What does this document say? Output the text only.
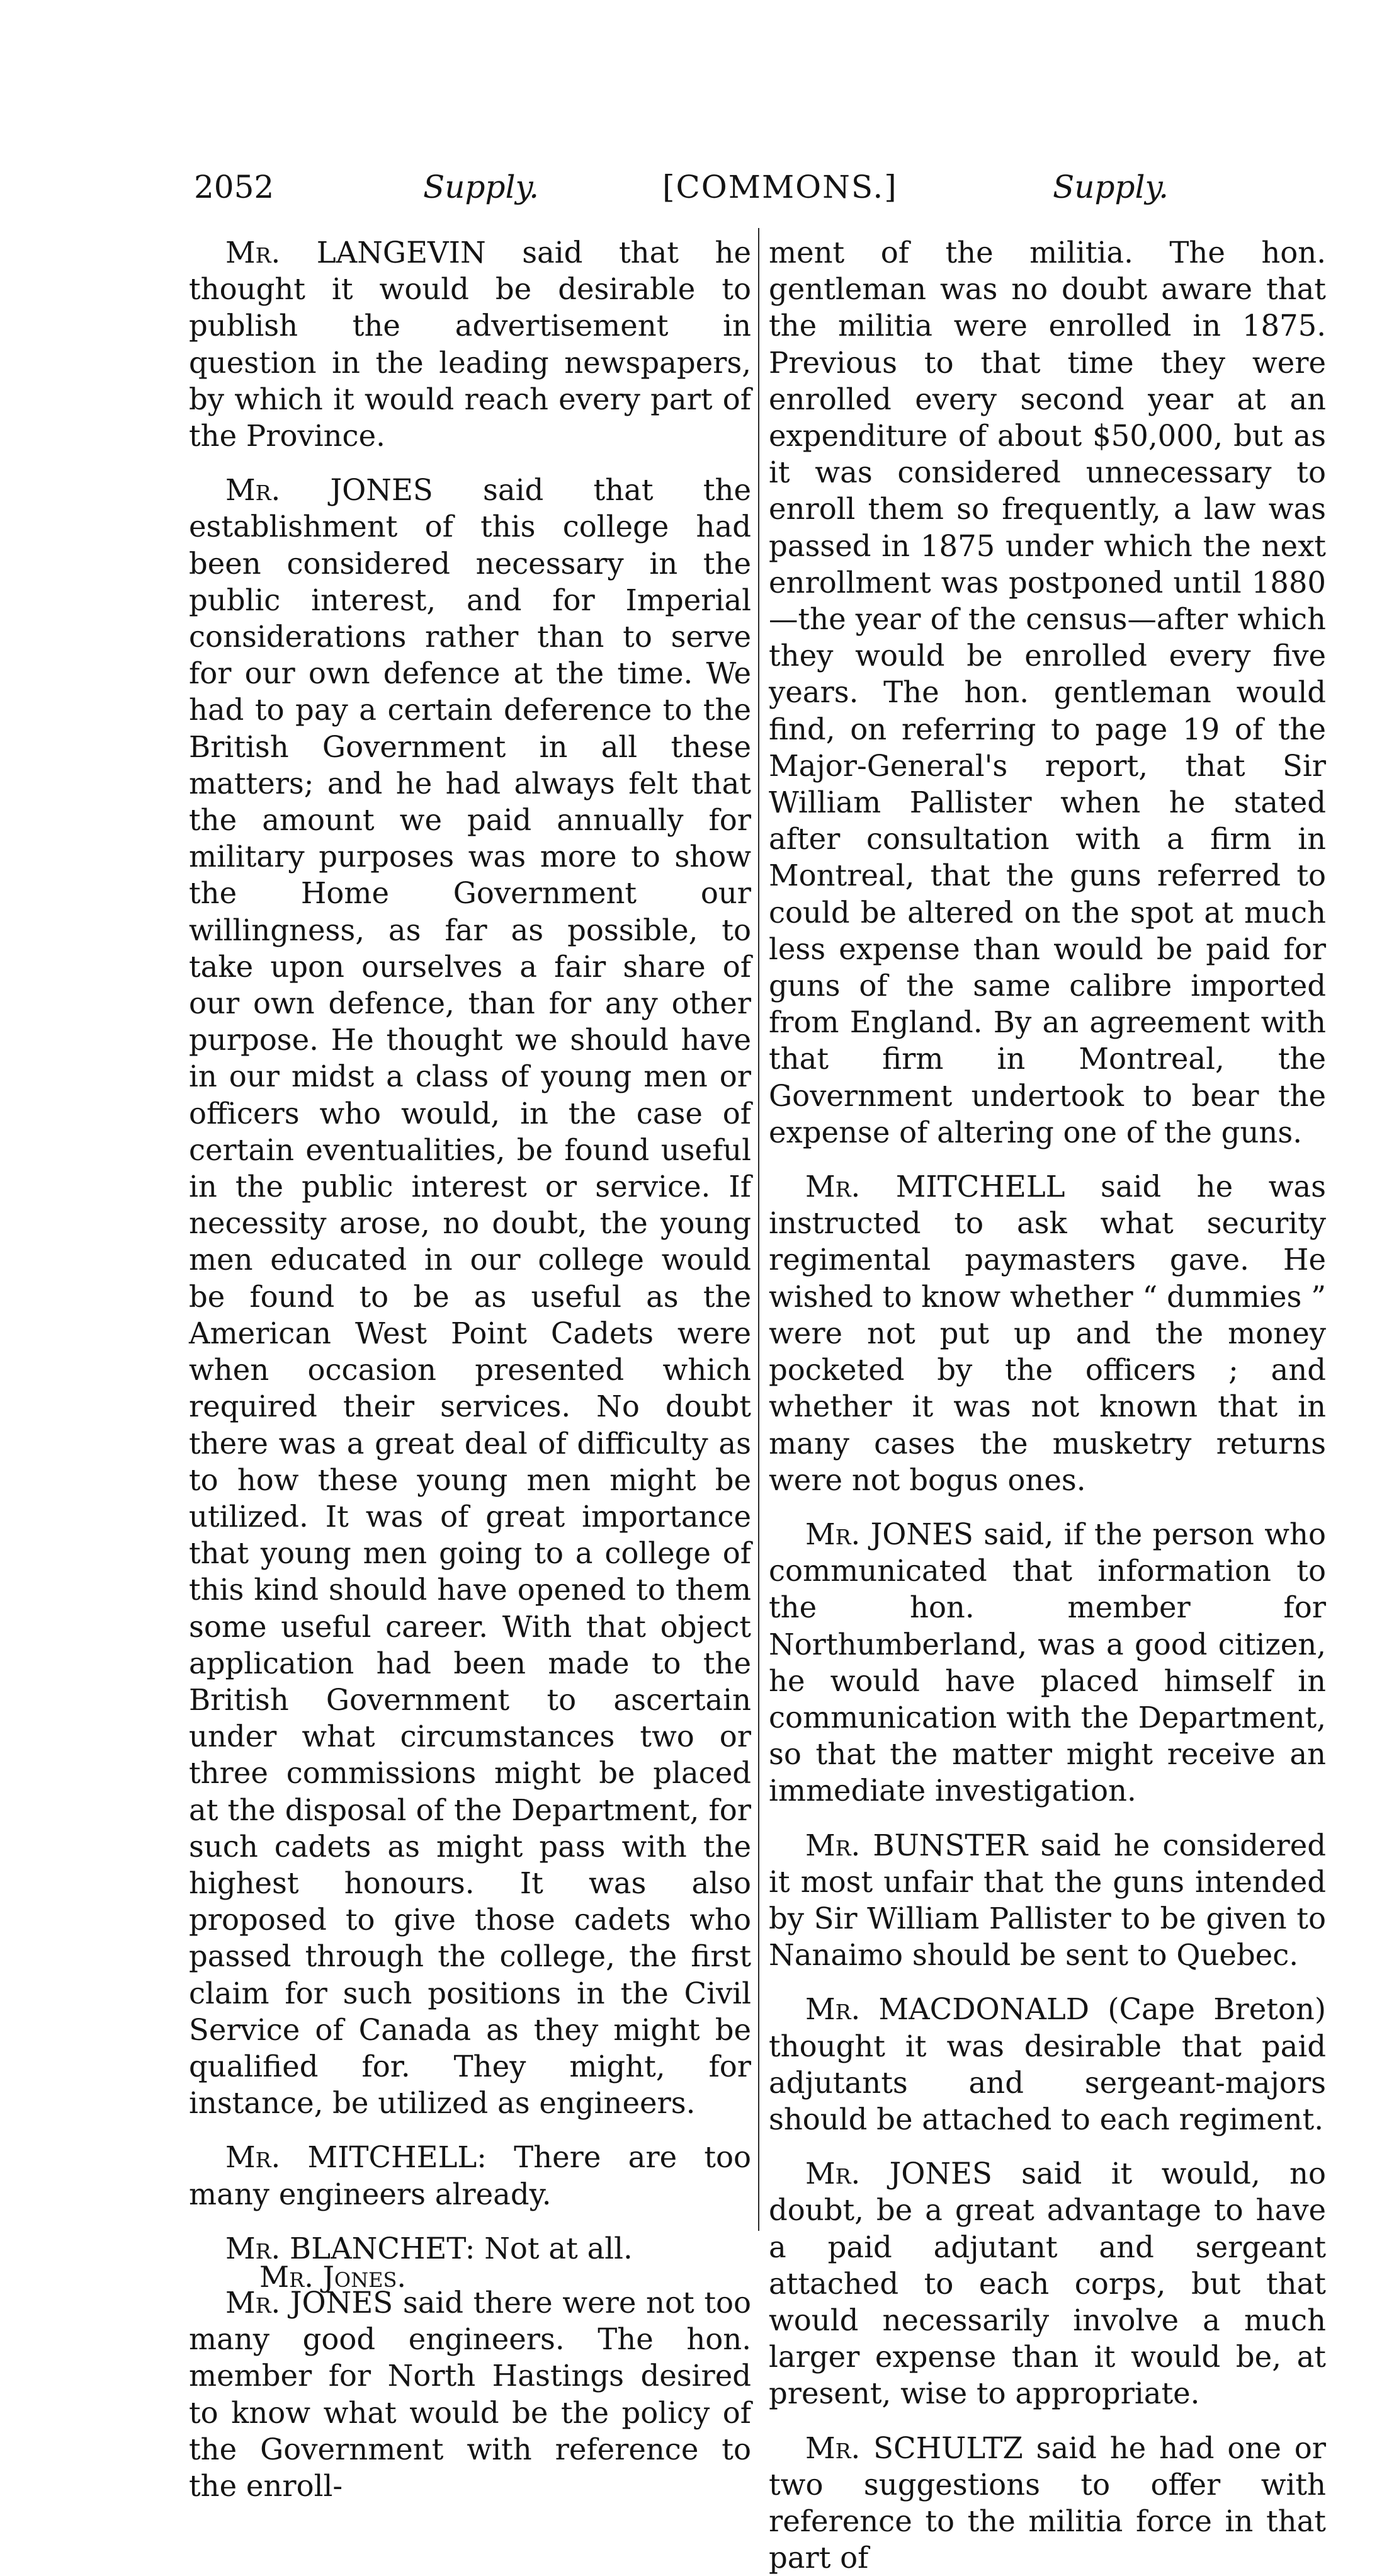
2052	Supply.	[COMMONS.]	Supply.

Mr. LANGEVIN said that he thought it would be desirable to publish the advertisement in question in the leading newspapers, by which it would reach every part of the Province.

Mr. JONES said that the establishment of this college had been considered necessary in the public interest, and for Imperial considerations rather than to serve for our own defence at the time. We had to pay a certain deference to the British Government in all these matters; and he had always felt that the amount we paid annually for military purposes was more to show the Home Government our willingness, as far as possible, to take upon ourselves a fair share of our own defence, than for any other purpose. He thought we should have in our midst a class of young men or officers who would, in the case of certain eventualities, be found useful in the public interest or service. If necessity arose, no doubt, the young men educated in our college would be found to be as useful as the American West Point Cadets were when occasion presented which required their services. No doubt there was a great deal of difficulty as to how these young men might be utilized. It was of great importance that young men going to a college of this kind should have opened to them some useful career. With that object application had been made to the British Government to ascertain under what circumstances two or three commissions might be placed at the disposal of the Department, for such cadets as might pass with the highest honours. It was also proposed to give those cadets who passed through the college, the first claim for such positions in the Civil Service of Canada as they might be qualified for. They might, for instance, be utilized as engineers.

Mr. MITCHELL: There are too many engineers already.

Mr. BLANCHET: Not at all.

Mr. JONES said there were not too many good engineers. The hon. member for North Hastings desired to know what would be the policy of the Government with reference to the enroll-

ment of the militia. The hon. gentleman was no doubt aware that the militia were enrolled in 1875. Previous to that time they were enrolled every second year at an expenditure of about $50,000, but as it was considered unnecessary to enroll them so frequently, a law was passed in 1875 under which the next enrollment was postponed until 1880—the year of the census—after which they would be enrolled every five years. The hon. gentleman would find, on referring to page 19 of the Major-General's report, that Sir William Pallister when he stated after consultation with a firm in Montreal, that the guns referred to could be altered on the spot at much less expense than would be paid for guns of the same calibre imported from England. By an agreement with that firm in Montreal, the Government undertook to bear the expense of altering one of the guns.

Mr. MITCHELL said he was instructed to ask what security regimental paymasters gave. He wished to know whether “ dummies ” were not put up and the money pocketed by the officers ; and whether it was not known that in many cases the musketry returns were not bogus ones.

Mr. JONES said, if the person who communicated that information to the hon. member for Northumberland, was a good citizen, he would have placed himself in communication with the Department, so that the matter might receive an immediate investigation.

Mr. BUNSTER said he considered it most unfair that the guns intended by Sir William Pallister to be given to Nanaimo should be sent to Quebec.

Mr. MACDONALD (Cape Breton) thought it was desirable that paid adjutants and sergeant-majors should be attached to each regiment.

Mr. JONES said it would, no doubt, be a great advantage to have a paid adjutant and sergeant attached to each corps, but that would necessarily involve a much larger expense than it would be, at present, wise to appropriate.

Mr. SCHULTZ said he had one or two suggestions to offer with reference to the militia force in that part of

Mr. Jones.
